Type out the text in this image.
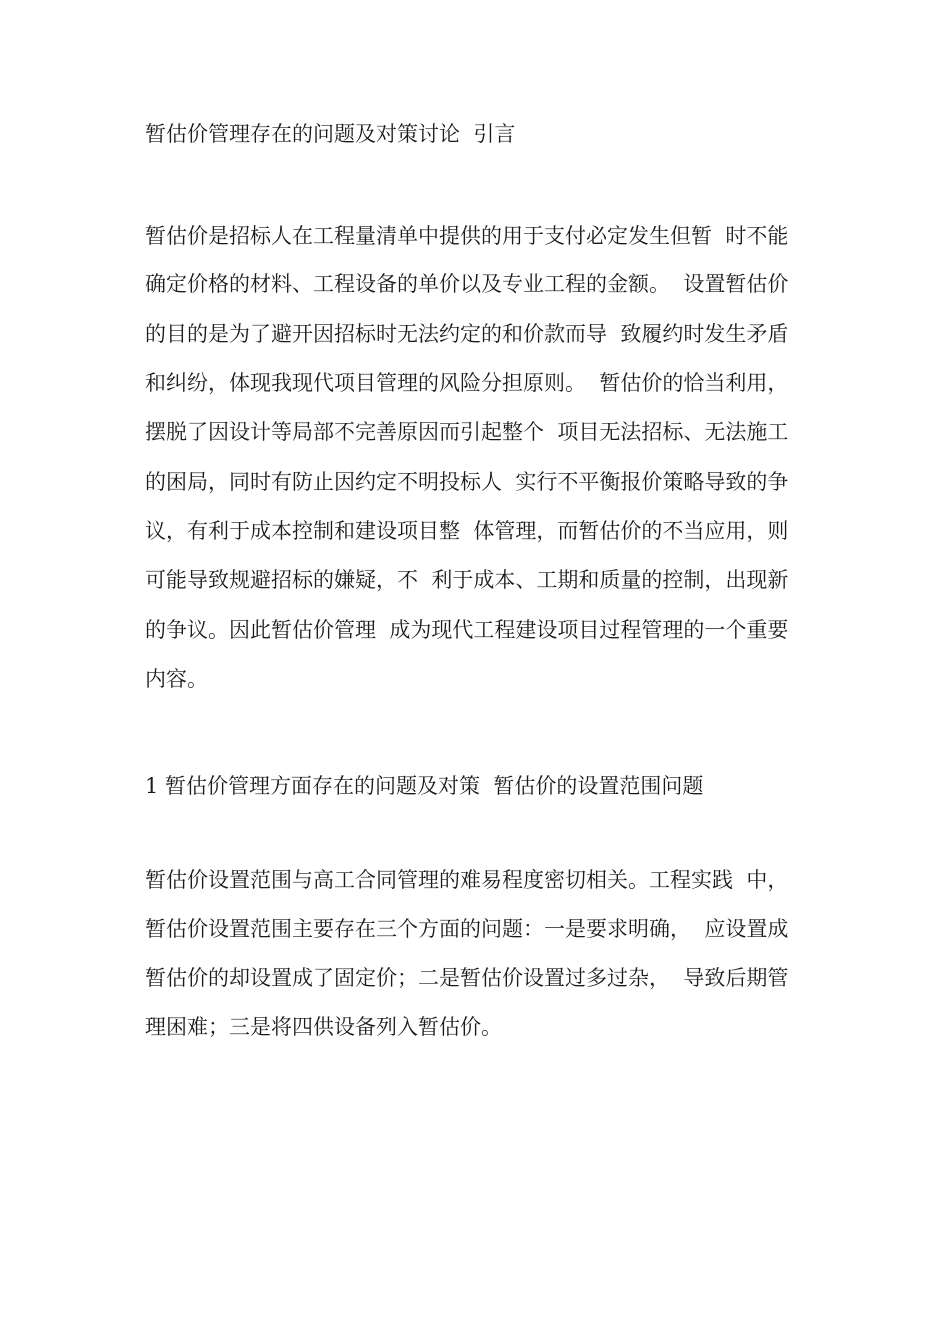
暂估价管理存在的问题及对策讨论  引言
暂估价是招标人在工程量清单中提供的用于支付必定发生但暂  时不能
确定价格的材料、工程设备的单价以及专业工程的金额。  设置暂估价
的目的是为了避开因招标时无法约定的和价款而导  致履约时发生矛盾
和纠纷，体现我现代项目管理的风险分担原则。  暂估价的恰当利用，
摆脱了因设计等局部不完善原因而引起整个  项目无法招标、无法施工
的困局，同时有防止因约定不明投标人  实行不平衡报价策略导致的争
议，有利于成本控制和建设项目整  体管理，而暂估价的不当应用，则
可能导致规避招标的嫌疑，不  利于成本、工期和质量的控制，出现新
的争议。因此暂估价管理  成为现代工程建设项目过程管理的一个重要
内容。
1 暂估价管理方面存在的问题及对策  暂估价的设置范围问题
暂估价设置范围与高工合同管理的难易程度密切相关。工程实践  中，
暂估价设置范围主要存在三个方面的问题：一是要求明确，  应设置成
暂估价的却设置成了固定价；二是暂估价设置过多过杂，  导致后期管
理困难；三是将四供设备列入暂估价。
